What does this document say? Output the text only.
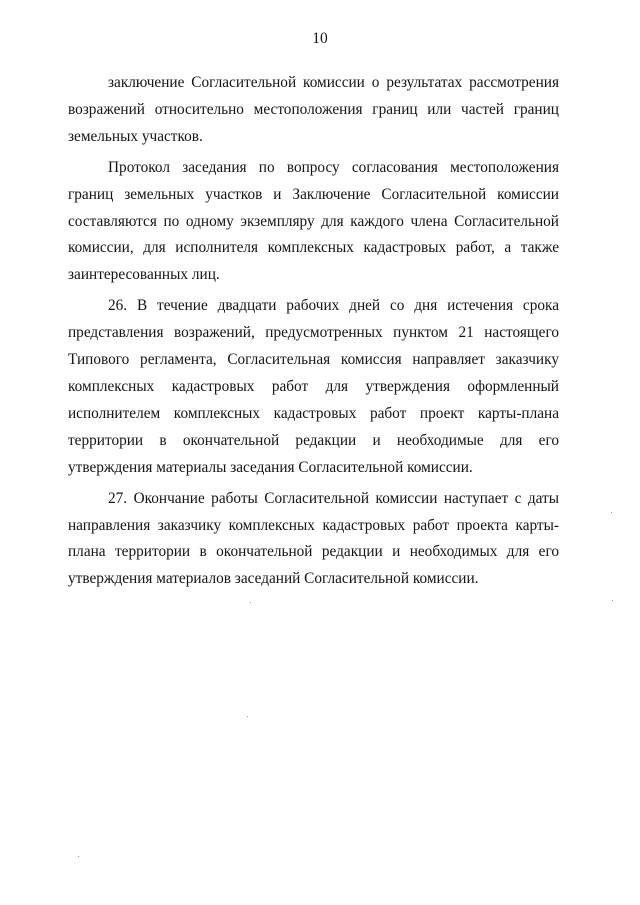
10

заключение Согласительной комиссии о результатах рассмотрения
возражений относительно местоположения границ или частей границ
земельных участков.

Протокол заседания по вопросу согласования местоположения
границ земельных участков и Заключение Согласительной комиссии
составляются по одному экземпляру для каждого члена Согласительной
комиссии, для исполнителя комплексных кадастровых работ, а также
заинтересованных лиц.

26. В течение двадцати рабочих дней со дня истечения срока
представления возражений, предусмотренных пунктом 21 настоящего
Типового регламента, Согласительная комиссия направляет заказчику
комплексных кадастровых работ для утверждения оформленный
исполнителем комплексных кадастровых работ проект карты-плана
территории в окончательной редакции и необходимые для его
утверждения материалы заседания Согласительной комиссии.

27. Окончание работы Согласительной комиссии наступает с даты
направления заказчику комплексных кадастровых работ проекта карты-
плана территории в окончательной редакции и необходимых для его
утверждения материалов заседаний Согласительной комиссии.
